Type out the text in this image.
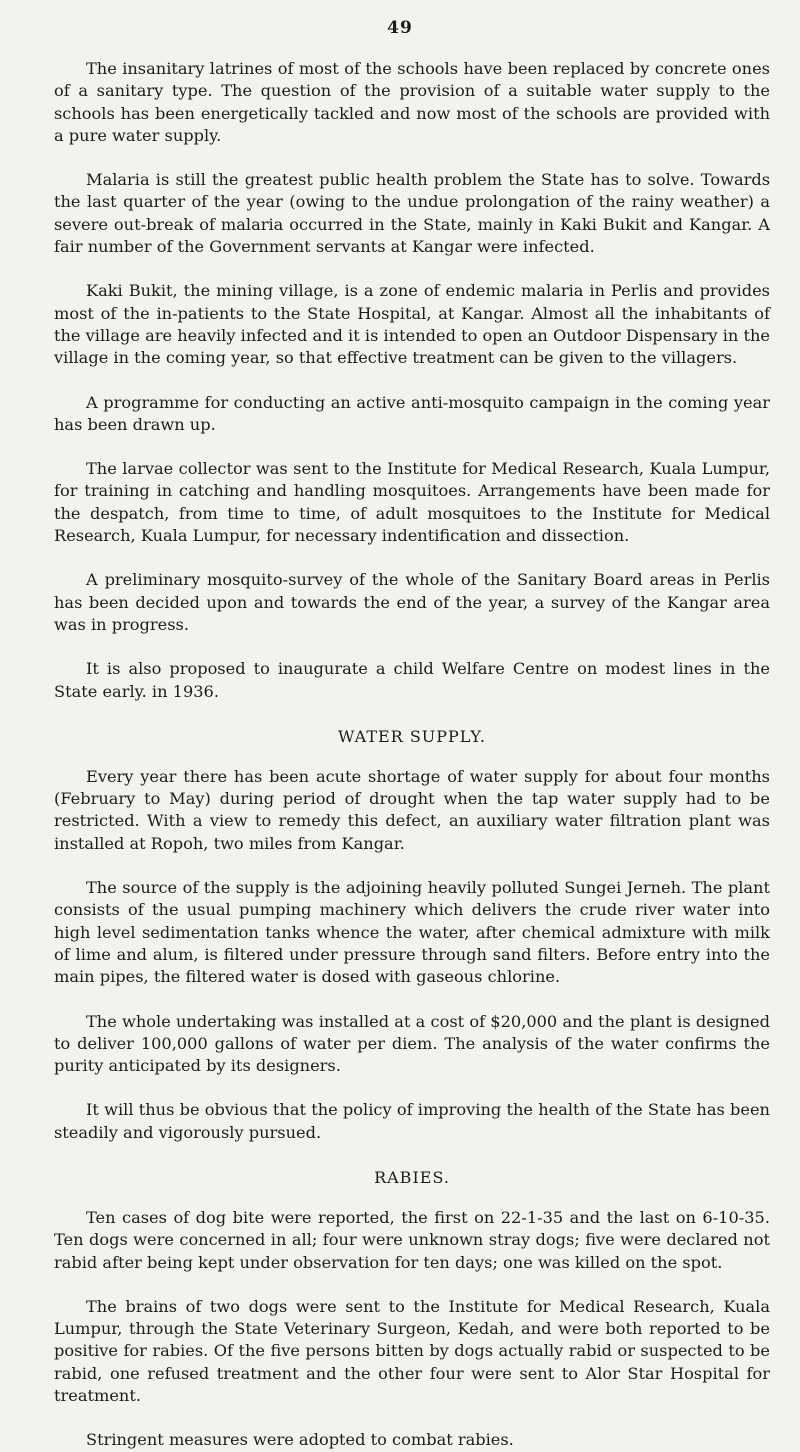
49

The insanitary latrines of most of the schools have been replaced by concrete ones of a sanitary type. The question of the provision of a suitable water supply to the schools has been energetically tackled and now most of the schools are provided with a pure water supply.

Malaria is still the greatest public health problem the State has to solve. Towards the last quarter of the year (owing to the undue prolongation of the rainy weather) a severe out-break of malaria occurred in the State, mainly in Kaki Bukit and Kangar. A fair number of the Government servants at Kangar were infected.

Kaki Bukit, the mining village, is a zone of endemic malaria in Perlis and provides most of the in-patients to the State Hospital, at Kangar. Almost all the inhabitants of the village are heavily infected and it is intended to open an Outdoor Dispensary in the village in the coming year, so that effective treatment can be given to the villagers.

A programme for conducting an active anti-mosquito campaign in the coming year has been drawn up.

The larvae collector was sent to the Institute for Medical Research, Kuala Lumpur, for training in catching and handling mosquitoes. Arrangements have been made for the despatch, from time to time, of adult mosquitoes to the Institute for Medical Research, Kuala Lumpur, for necessary indentification and dissection.

A preliminary mosquito-survey of the whole of the Sanitary Board areas in Perlis has been decided upon and towards the end of the year, a survey of the Kangar area was in progress.

It is also proposed to inaugurate a child Welfare Centre on modest lines in the State early. in 1936.

WATER SUPPLY.

Every year there has been acute shortage of water supply for about four months (February to May) during period of drought when the tap water supply had to be restricted. With a view to remedy this defect, an auxiliary water filtration plant was installed at Ropoh, two miles from Kangar.

The source of the supply is the adjoining heavily polluted Sungei Jerneh. The plant consists of the usual pumping machinery which delivers the crude river water into high level sedimentation tanks whence the water, after chemical admixture with milk of lime and alum, is filtered under pressure through sand filters. Before entry into the main pipes, the filtered water is dosed with gaseous chlorine.

The whole undertaking was installed at a cost of $20,000 and the plant is designed to deliver 100,000 gallons of water per diem. The analysis of the water confirms the purity anticipated by its designers.

It will thus be obvious that the policy of improving the health of the State has been steadily and vigorously pursued.

RABIES.

Ten cases of dog bite were reported, the first on 22-1-35 and the last on 6-10-35. Ten dogs were concerned in all; four were unknown stray dogs; five were declared not rabid after being kept under observation for ten days; one was killed on the spot.

The brains of two dogs were sent to the Institute for Medical Research, Kuala Lumpur, through the State Veterinary Surgeon, Kedah, and were both reported to be positive for rabies. Of the five persons bitten by dogs actually rabid or suspected to be rabid, one refused treatment and the other four were sent to Alor Star Hospital for treatment.

Stringent measures were adopted to combat rabies.
